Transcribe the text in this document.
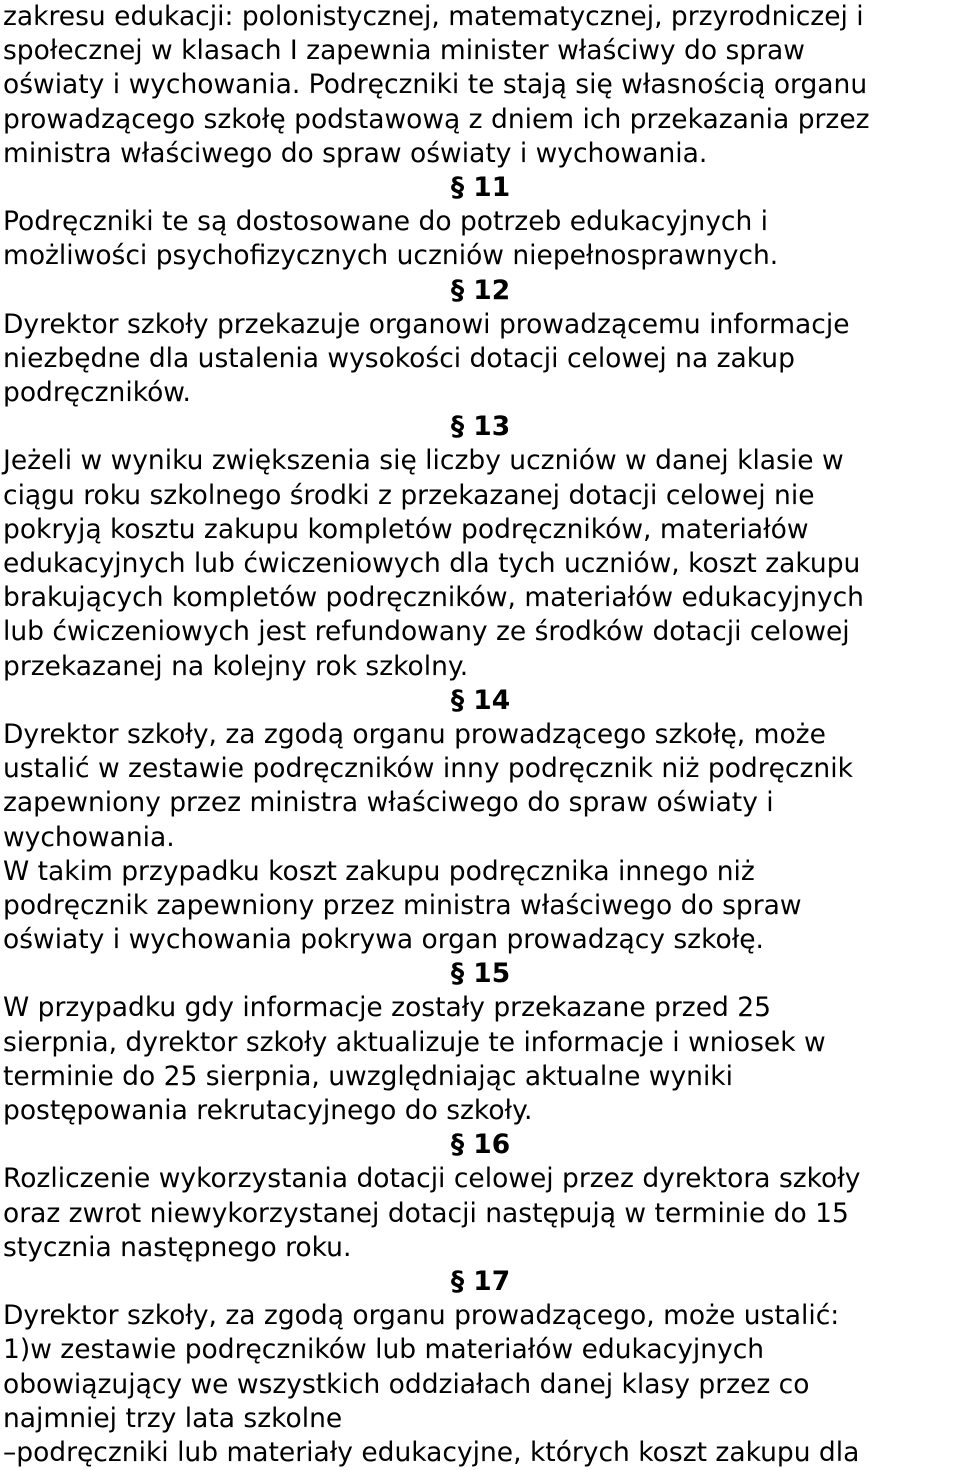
zakresu edukacji: polonistycznej, matematycznej, przyrodniczej i
społecznej w klasach I zapewnia minister właściwy do spraw
oświaty i wychowania. Podręczniki te stają się własnością organu
prowadzącego szkołę podstawową z dniem ich przekazania przez
ministra właściwego do spraw oświaty i wychowania.
§ 11
Podręczniki te są dostosowane do potrzeb edukacyjnych i
możliwości psychofizycznych uczniów niepełnosprawnych.
§ 12
Dyrektor szkoły przekazuje organowi prowadzącemu informacje
niezbędne dla ustalenia wysokości dotacji celowej na zakup
podręczników.
§ 13
Jeżeli w wyniku zwiększenia się liczby uczniów w danej klasie w
ciągu roku szkolnego środki z przekazanej dotacji celowej nie
pokryją kosztu zakupu kompletów podręczników, materiałów
edukacyjnych lub ćwiczeniowych dla tych uczniów, koszt zakupu
brakujących kompletów podręczników, materiałów edukacyjnych
lub ćwiczeniowych jest refundowany ze środków dotacji celowej
przekazanej na kolejny rok szkolny.
§ 14
Dyrektor szkoły, za zgodą organu prowadzącego szkołę, może
ustalić w zestawie podręczników inny podręcznik niż podręcznik
zapewniony przez ministra właściwego do spraw oświaty i
wychowania.
W takim przypadku koszt zakupu podręcznika innego niż
podręcznik zapewniony przez ministra właściwego do spraw
oświaty i wychowania pokrywa organ prowadzący szkołę.
§ 15
W przypadku gdy informacje zostały przekazane przed 25
sierpnia, dyrektor szkoły aktualizuje te informacje i wniosek w
terminie do 25 sierpnia, uwzględniając aktualne wyniki
postępowania rekrutacyjnego do szkoły.
§ 16
Rozliczenie wykorzystania dotacji celowej przez dyrektora szkoły
oraz zwrot niewykorzystanej dotacji następują w terminie do 15
stycznia następnego roku.
§ 17
Dyrektor szkoły, za zgodą organu prowadzącego, może ustalić:
1)w zestawie podręczników lub materiałów edukacyjnych
obowiązujący we wszystkich oddziałach danej klasy przez co
najmniej trzy lata szkolne
–podręczniki lub materiały edukacyjne, których koszt zakupu dla
